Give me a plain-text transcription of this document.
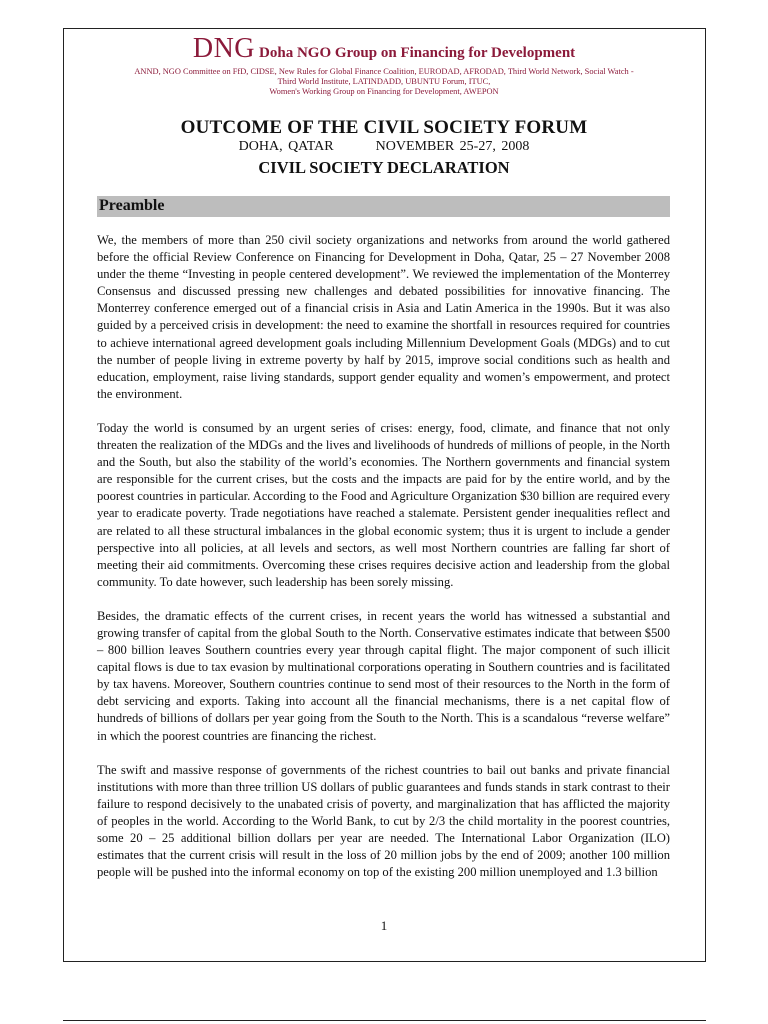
DNG Doha NGO Group on Financing for Development
ANND, NGO Committee on FfD, CIDSE, New Rules for Global Finance Coalition, EURODAD, AFRODAD, Third World Network, Social Watch -
Third World Institute, LATINDADD, UBUNTU Forum, ITUC,
Women's Working Group on Financing for Development, AWEPON
OUTCOME OF THE CIVIL SOCIETY FORUM
DOHA, QATAR	NOVEMBER 25-27, 2008
CIVIL SOCIETY DECLARATION
Preamble

We, the members of more than 250 civil society organizations and networks from around the world gathered before the official Review Conference on Financing for Development in Doha, Qatar, 25 – 27 November 2008 under the theme “Investing in people centered development”. We reviewed the implementation of the Monterrey Consensus and discussed pressing new challenges and debated possibilities for innovative financing. The Monterrey conference emerged out of a financial crisis in Asia and Latin America in the 1990s. But it was also guided by a perceived crisis in development: the need to examine the shortfall in resources required for countries to achieve international agreed development goals including Millennium Development Goals (MDGs) and to cut the number of people living in extreme poverty by half by 2015, improve social conditions such as health and education, employment, raise living standards, support gender equality and women’s empowerment, and protect the environment.

Today the world is consumed by an urgent series of crises: energy, food, climate, and finance that not only threaten the realization of the MDGs and the lives and livelihoods of hundreds of millions of people, in the North and the South, but also the stability of the world’s economies. The Northern governments and financial system are responsible for the current crises, but the costs and the impacts are paid for by the entire world, and by the poorest countries in particular. According to the Food and Agriculture Organization $30 billion are required every year to eradicate poverty. Trade negotiations have reached a stalemate. Persistent gender inequalities reflect and are related to all these structural imbalances in the global economic system; thus it is urgent to include a gender perspective into all policies, at all levels and sectors, as well most Northern countries are falling far short of meeting their aid commitments. Overcoming these crises requires decisive action and leadership from the global community. To date however, such leadership has been sorely missing.

Besides, the dramatic effects of the current crises, in recent years the world has witnessed a substantial and growing transfer of capital from the global South to the North. Conservative estimates indicate that between $500 – 800 billion leaves Southern countries every year through capital flight. The major component of such illicit capital flows is due to tax evasion by multinational corporations operating in Southern countries and is facilitated by tax havens. Moreover, Southern countries continue to send most of their resources to the North in the form of debt servicing and exports. Taking into account all the financial mechanisms, there is a net capital flow of hundreds of billions of dollars per year going from the South to the North. This is a scandalous “reverse welfare” in which the poorest countries are financing the richest.

The swift and massive response of governments of the richest countries to bail out banks and private financial institutions with more than three trillion US dollars of public guarantees and funds stands in stark contrast to their failure to respond decisively to the unabated crisis of poverty, and marginalization that has afflicted the majority of peoples in the world. According to the World Bank, to cut by 2/3 the child mortality in the poorest countries, some 20 – 25 additional billion dollars per year are needed. The International Labor Organization (ILO) estimates that the current crisis will result in the loss of 20 million jobs by the end of 2009; another 100 million people will be pushed into the informal economy on top of the existing 200 million unemployed and 1.3 billion

1
